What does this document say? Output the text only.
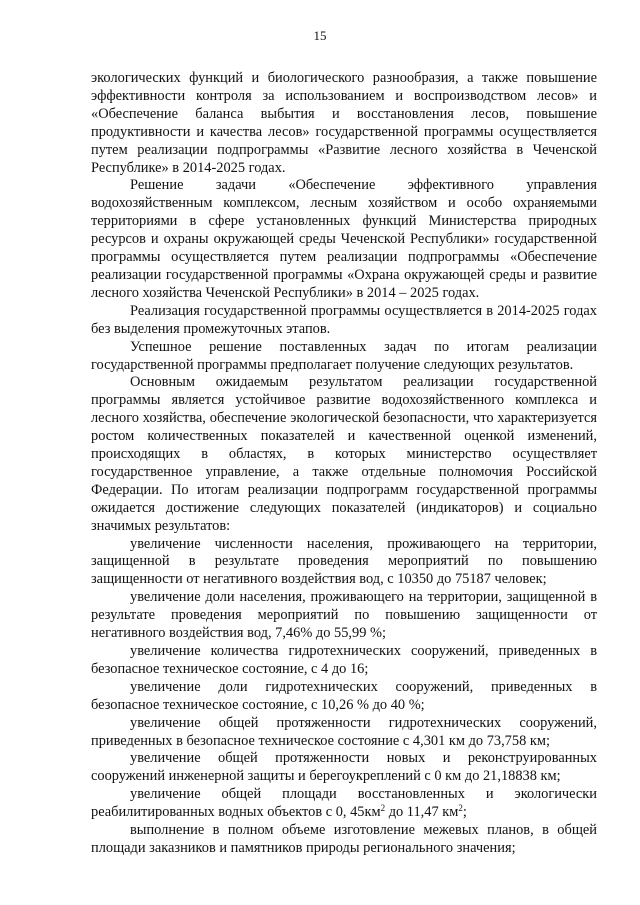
15

экологических функций и биологического разнообразия, а также повышение эффективности контроля за использованием и воспроизводством лесов» и «Обеспечение баланса выбытия и восстановления лесов, повышение продуктивности и качества лесов» государственной программы осуществляется путем реализации подпрограммы «Развитие лесного хозяйства в Чеченской Республике» в 2014-2025 годах.

Решение задачи «Обеспечение эффективного управления водохозяйственным комплексом, лесным хозяйством и особо охраняемыми территориями в сфере установленных функций Министерства природных ресурсов и охраны окружающей среды Чеченской Республики» государственной программы осуществляется путем реализации подпрограммы «Обеспечение реализации государственной программы «Охрана окружающей среды и развитие лесного хозяйства Чеченской Республики» в 2014 – 2025 годах.

Реализация государственной программы осуществляется в 2014-2025 годах без выделения промежуточных этапов.

Успешное решение поставленных задач по итогам реализации государственной программы предполагает получение следующих результатов.

Основным ожидаемым результатом реализации государственной программы является устойчивое развитие водохозяйственного комплекса и лесного хозяйства, обеспечение экологической безопасности, что характеризуется ростом количественных показателей и качественной оценкой изменений, происходящих в областях, в которых министерство осуществляет государственное управление, а также отдельные полномочия Российской Федерации. По итогам реализации подпрограмм государственной программы ожидается достижение следующих показателей (индикаторов) и социально значимых результатов:

увеличение численности населения, проживающего на территории, защищенной в результате проведения мероприятий по повышению защищенности от негативного воздействия вод, с 10350 до 75187 человек;

увеличение доли населения, проживающего на территории, защищенной в результате проведения мероприятий по повышению защищенности от негативного воздействия вод, 7,46% до 55,99 %;

увеличение количества гидротехнических сооружений, приведенных в безопасное техническое состояние, с 4 до 16;

увеличение доли гидротехнических сооружений, приведенных в безопасное техническое состояние, с 10,26 % до 40 %;

увеличение общей протяженности гидротехнических сооружений, приведенных в безопасное техническое состояние с 4,301 км до 73,758 км;

увеличение общей протяженности новых и реконструированных сооружений инженерной защиты и берегоукреплений с 0 км до 21,18838 км;

увеличение общей площади восстановленных и экологически реабилитированных водных объектов с 0, $45км^2$ до 11,47 $км^2$;

выполнение в полном объеме изготовление межевых планов, в общей площади заказников и памятников природы регионального значения;
